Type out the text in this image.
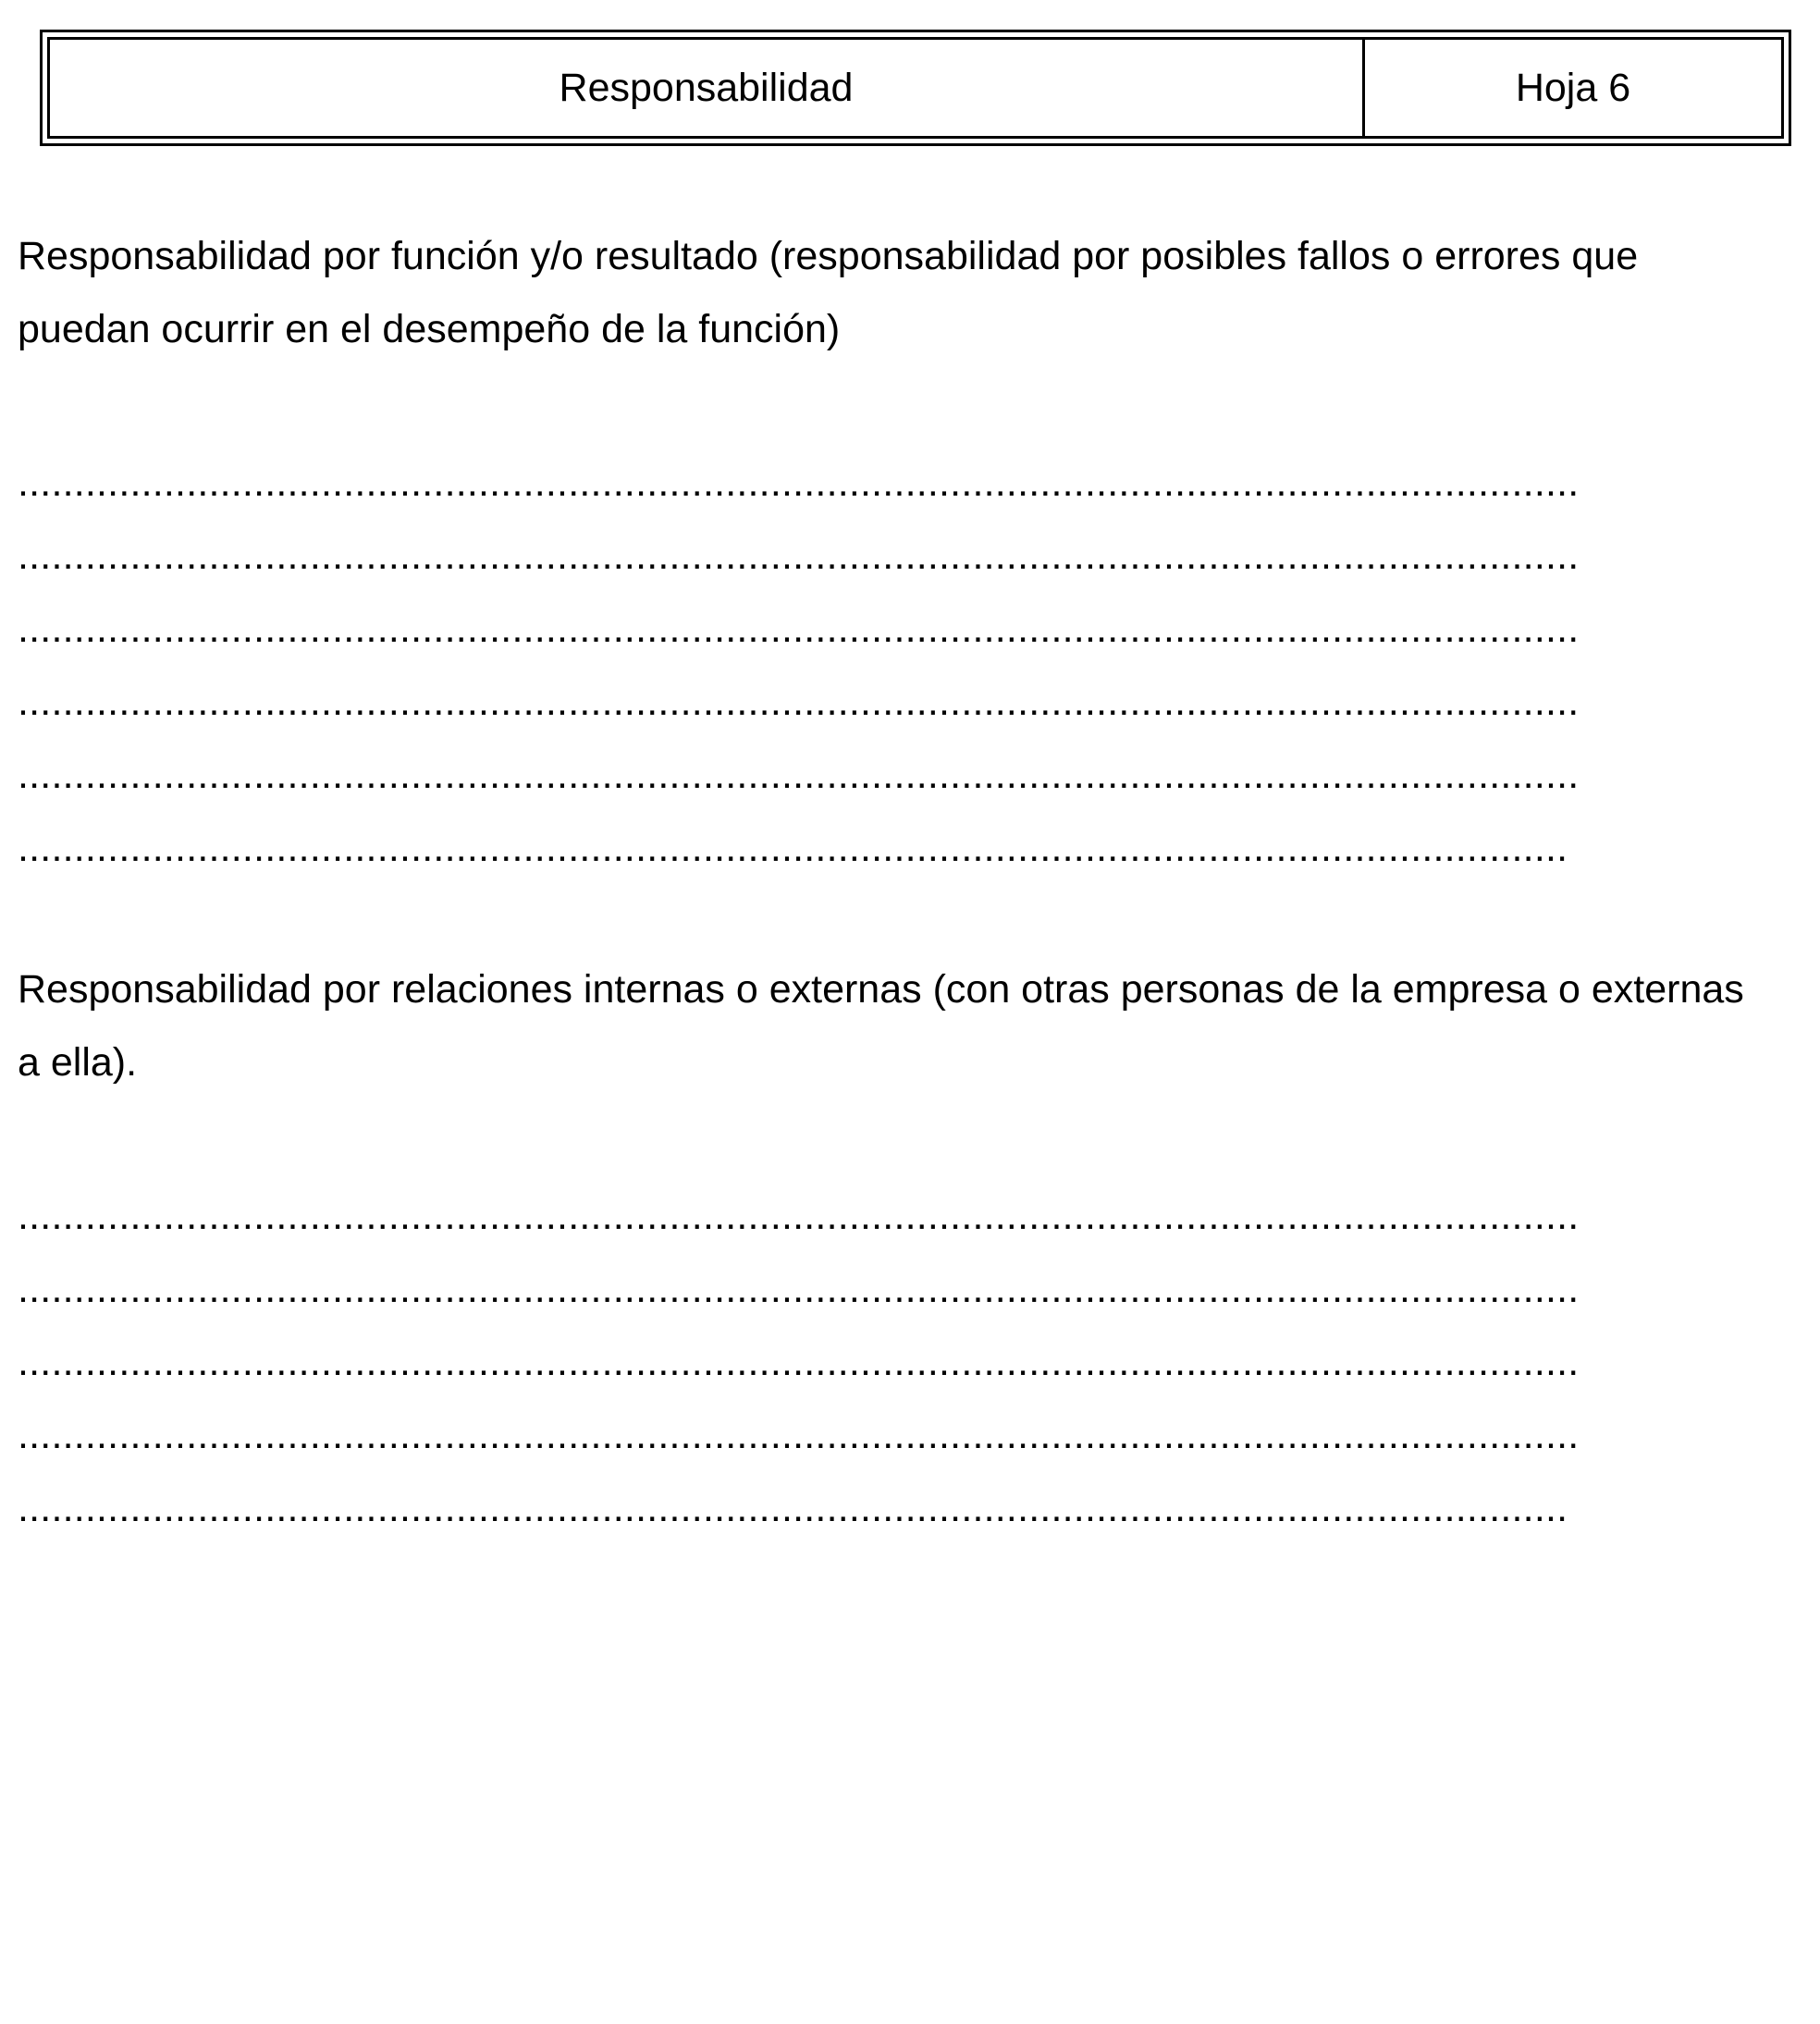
Responsabilidad	Hoja 6
Responsabilidad por función y/o resultado (responsabilidad por posibles fallos o errores que puedan ocurrir en el desempeño de la función)
...........................................................................................................................................
...........................................................................................................................................
...........................................................................................................................................
...........................................................................................................................................
...........................................................................................................................................
..........................................................................................................................................
Responsabilidad por relaciones internas o externas (con otras personas de la empresa o externas a ella).
...........................................................................................................................................
...........................................................................................................................................
...........................................................................................................................................
...........................................................................................................................................
..........................................................................................................................................
